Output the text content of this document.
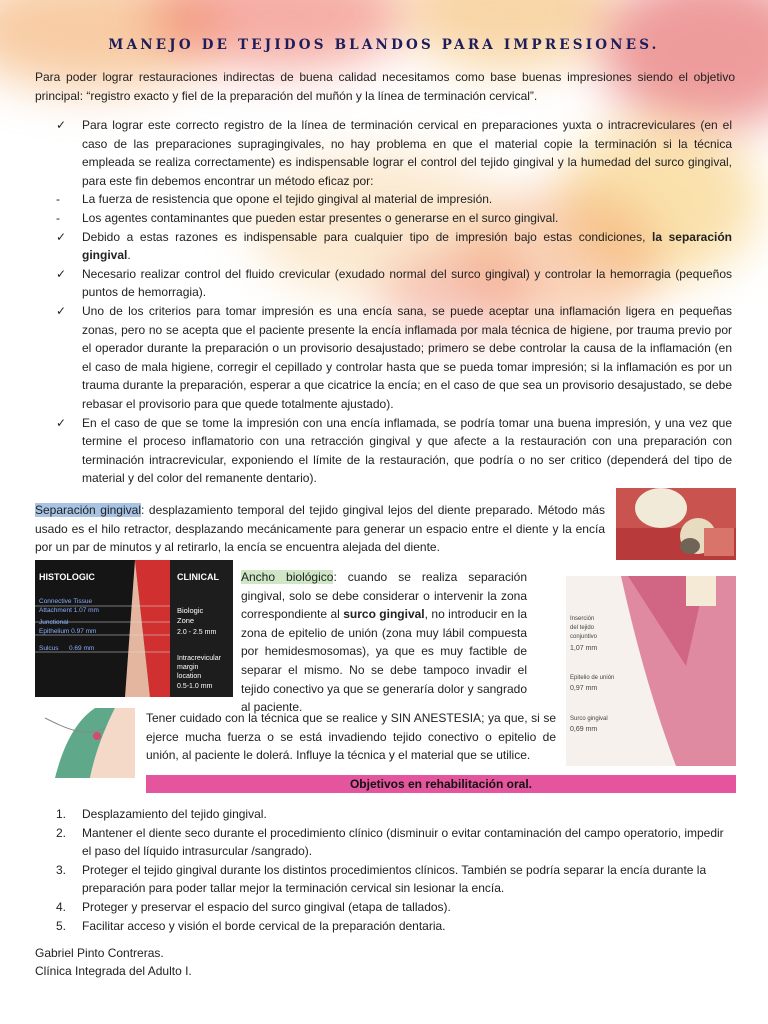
MANEJO DE TEJIDOS BLANDOS PARA IMPRESIONES.
Para poder lograr restauraciones indirectas de buena calidad necesitamos como base buenas impresiones siendo el objetivo principal: “registro exacto y fiel de la preparación del muñón y la línea de terminación cervical”.
✓ Para lograr este correcto registro de la línea de terminación cervical en preparaciones yuxta o intracreviculares (en el caso de las preparaciones supragingivales, no hay problema en que el material copie la terminación si la técnica empleada se realiza correctamente) es indispensable lograr el control del tejido gingival y la humedad del surco gingival, para este fin debemos encontrar un método eficaz por:
- La fuerza de resistencia que opone el tejido gingival al material de impresión.
- Los agentes contaminantes que pueden estar presentes o generarse en el surco gingival.
✓ Debido a estas razones es indispensable para cualquier tipo de impresión bajo estas condiciones, la separación gingival.
✓ Necesario realizar control del fluido crevicular (exudado normal del surco gingival) y controlar la hemorragia (pequeños puntos de hemorragia).
✓ Uno de los criterios para tomar impresión es una encía sana, se puede aceptar una inflamación ligera en pequeñas zonas, pero no se acepta que el paciente presente la encía inflamada por mala técnica de higiene, por trauma previo por el operador durante la preparación o un provisorio desajustado; primero se debe controlar la causa de la inflamación (en el caso de mala higiene, corregir el cepillado y controlar hasta que se pueda tomar impresión; si la inflamación es por un trauma durante la preparación, esperar a que cicatrice la encía; en el caso de que sea un provisorio desajustado, se debe rebasar el provisorio para que quede totalmente ajustado).
✓ En el caso de que se tome la impresión con una encía inflamada, se podría tomar una buena impresión, y una vez que termine el proceso inflamatorio con una retracción gingival y que afecte a la restauración con una preparación con terminación intracrevicular, exponiendo el límite de la restauración, que podría o no ser critico (dependerá del tipo de material y del color del remanente dentario).
Separación gingival: desplazamiento temporal del tejido gingival lejos del diente preparado. Método más usado es el hilo retractor, desplazando mecánicamente para generar un espacio entre el diente y la encía por un par de minutos y al retirarlo, la encía se encuentra alejada del diente.
HISTOLOGIC	CLINICAL
Connective Tissue
Attachment 1.07 mm
Junctional
Epithelium 0.97 mm
Sulcus 0.69 mm
Biologic
Zone
2.0 - 2.5 mm
Intracrevicular
margin
location
0.5-1.0 mm
Ancho biológico: cuando se realiza separación gingival, solo se debe considerar o intervenir la zona correspondiente al surco gingival, no introducir en la zona de epitelio de unión (zona muy lábil compuesta por hemidesmosomas), ya que es muy factible de separar el mismo. No se debe tampoco invadir el tejido conectivo ya que se generaría dolor y sangrado al paciente.
Inserción
del tejido
conjuntivo
1,07 mm
Epitelio de unión
0,97 mm
Surco gingival
0,69 mm
Tener cuidado con la técnica que se realice y SIN ANESTESIA; ya que, si se ejerce mucha fuerza o se está invadiendo tejido conectivo o epitelio de unión, al paciente le dolerá. Influye la técnica y el material que se utilice.
Objetivos en rehabilitación oral.
1. Desplazamiento del tejido gingival.
2. Mantener el diente seco durante el procedimiento clínico (disminuir o evitar contaminación del campo operatorio, impedir el paso del líquido intrasurcular /sangrado).
3. Proteger el tejido gingival durante los distintos procedimientos clínicos. También se podría separar la encía durante la preparación para poder tallar mejor la terminación cervical sin lesionar la encía.
4. Proteger y preservar el espacio del surco gingival (etapa de tallados).
5. Facilitar acceso y visión el borde cervical de la preparación dentaria.
Gabriel Pinto Contreras.
Clínica Integrada del Adulto I.
